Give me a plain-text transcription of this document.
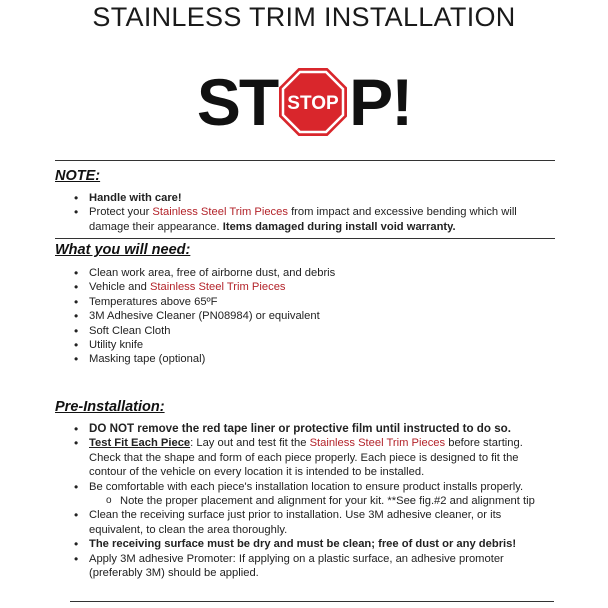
STAINLESS TRIM INSTALLATION
ST STOP P!
NOTE:
• Handle with care!
• Protect your Stainless Steel Trim Pieces from impact and excessive bending which will damage their appearance. Items damaged during install void warranty.
What you will need:
• Clean work area, free of airborne dust, and debris
• Vehicle and Stainless Steel Trim Pieces
• Temperatures above 65ºF
• 3M Adhesive Cleaner (PN08984) or equivalent
• Soft Clean Cloth
• Utility knife
• Masking tape (optional)
Pre-Installation:
• DO NOT remove the red tape liner or protective film until instructed to do so.
• Test Fit Each Piece: Lay out and test fit the Stainless Steel Trim Pieces before starting. Check that the shape and form of each piece properly. Each piece is designed to fit the contour of the vehicle on every location it is intended to be installed.
• Be comfortable with each piece's installation location to ensure product installs properly.
o Note the proper placement and alignment for your kit. **See fig.#2 and alignment tip
• Clean the receiving surface just prior to installation. Use 3M adhesive cleaner, or its equivalent, to clean the area thoroughly.
• The receiving surface must be dry and must be clean; free of dust or any debris!
• Apply 3M adhesive Promoter: If applying on a plastic surface, an adhesive promoter (preferably 3M) should be applied.
